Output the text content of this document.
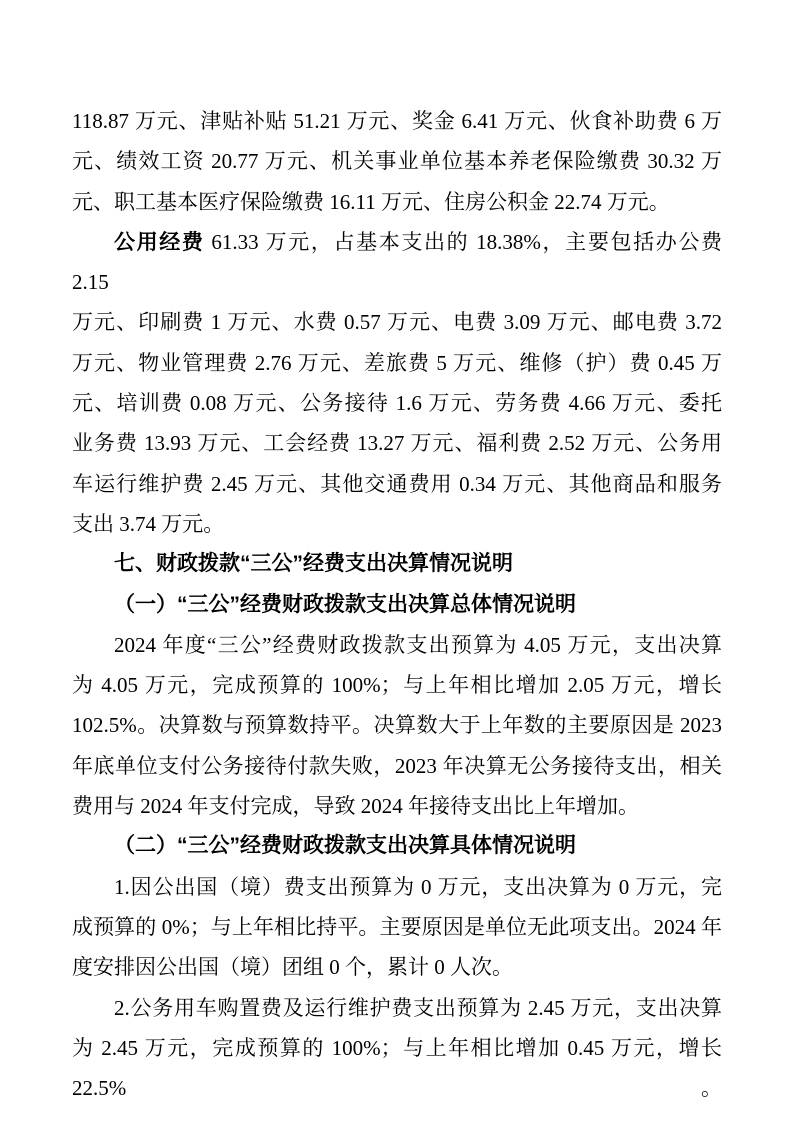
118.87 万元、津贴补贴 51.21 万元、奖金 6.41 万元、伙食补助费 6 万
元、绩效工资 20.77 万元、机关事业单位基本养老保险缴费 30.32 万
元、职工基本医疗保险缴费 16.11 万元、住房公积金 22.74 万元。
公用经费 61.33 万元，占基本支出的 18.38%，主要包括办公费 2.15
万元、印刷费 1 万元、水费 0.57 万元、电费 3.09 万元、邮电费 3.72
万元、物业管理费 2.76 万元、差旅费 5 万元、维修（护）费 0.45 万
元、培训费 0.08 万元、公务接待 1.6 万元、劳务费 4.66 万元、委托
业务费 13.93 万元、工会经费 13.27 万元、福利费 2.52 万元、公务用
车运行维护费 2.45 万元、其他交通费用 0.34 万元、其他商品和服务
支出 3.74 万元。
七、财政拨款“三公”经费支出决算情况说明
（一）“三公”经费财政拨款支出决算总体情况说明
2024 年度“三公”经费财政拨款支出预算为 4.05 万元，支出决算
为 4.05 万元，完成预算的 100%；与上年相比增加 2.05 万元，增长
102.5%。决算数与预算数持平。决算数大于上年数的主要原因是 2023
年底单位支付公务接待付款失败，2023 年决算无公务接待支出，相关
费用与 2024 年支付完成，导致 2024 年接待支出比上年增加。
（二）“三公”经费财政拨款支出决算具体情况说明
1.因公出国（境）费支出预算为 0 万元，支出决算为 0 万元，完
成预算的 0%；与上年相比持平。主要原因是单位无此项支出。2024 年
度安排因公出国（境）团组 0 个，累计 0 人次。
2.公务用车购置费及运行维护费支出预算为 2.45 万元，支出决算
为 2.45 万元，完成预算的 100%；与上年相比增加 0.45 万元，增长 22.5%。
